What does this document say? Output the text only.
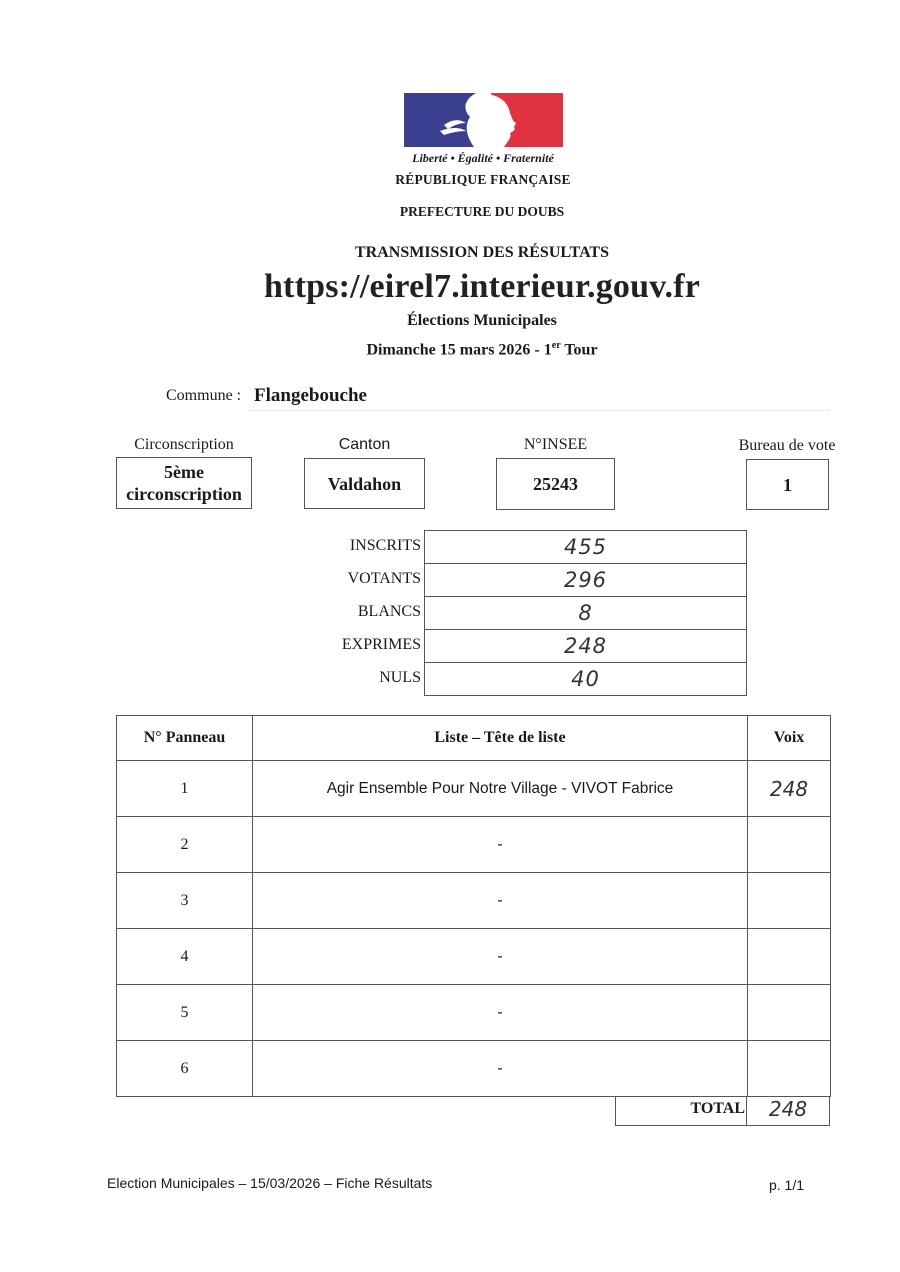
Liberté • Égalité • Fraternité
RÉPUBLIQUE FRANÇAISE
PREFECTURE DU DOUBS
TRANSMISSION DES RÉSULTATS
https://eirel7.interieur.gouv.fr
Élections Municipales
Dimanche 15 mars 2026 - 1er Tour
Commune : Flangebouche
Circonscription
5ème circonscription
Canton
Valdahon
N°INSEE
25243
Bureau de vote
1
INSCRITS	455
VOTANTS	296
BLANCS	8
EXPRIMES	248
NULS	40
N° Panneau	Liste – Tête de liste	Voix
1	Agir Ensemble Pour Notre Village - VIVOT Fabrice	248
2	-	
3	-	
4	-	
5	-	
6	-	
TOTAL	248
Election Municipales – 15/03/2026 – Fiche Résultats	p. 1/1
